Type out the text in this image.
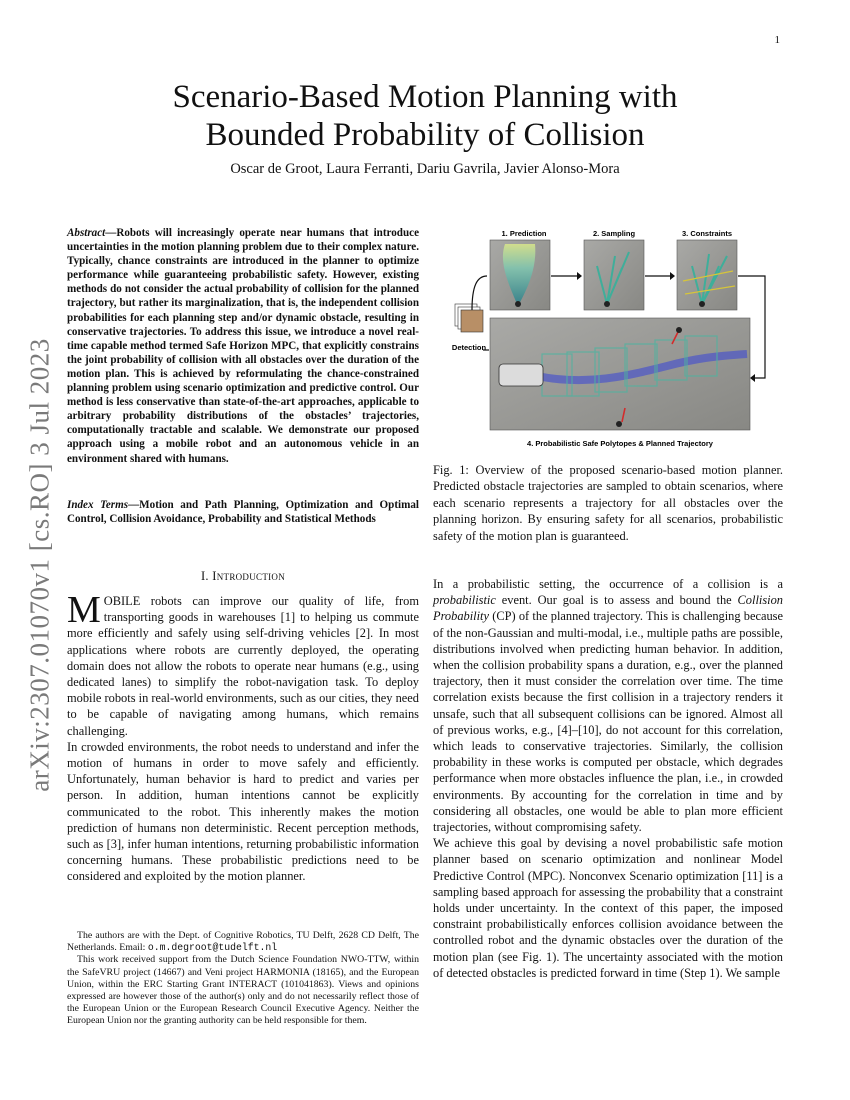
1
arXiv:2307.01070v1 [cs.RO] 3 Jul 2023
Scenario-Based Motion Planning with
Bounded Probability of Collision
Oscar de Groot, Laura Ferranti, Dariu Gavrila, Javier Alonso-Mora
Abstract—Robots will increasingly operate near humans that introduce uncertainties in the motion planning problem due to their complex nature. Typically, chance constraints are introduced in the planner to optimize performance while guaranteeing probabilistic safety. However, existing methods do not consider the actual probability of collision for the planned trajectory, but rather its marginalization, that is, the independent collision probabilities for each planning step and/or dynamic obstacle, resulting in conservative trajectories. To address this issue, we introduce a novel real-time capable method termed Safe Horizon MPC, that explicitly constrains the joint probability of collision with all obstacles over the duration of the motion plan. This is achieved by reformulating the chance-constrained planning problem using scenario optimization and predictive control. Our method is less conservative than state-of-the-art approaches, applicable to arbitrary probability distributions of the obstacles’ trajectories, computationally tractable and scalable. We demonstrate our proposed approach using a mobile robot and an autonomous vehicle in an environment shared with humans.
Index Terms—Motion and Path Planning, Optimization and Optimal Control, Collision Avoidance, Probability and Statistical Methods
I. Introduction

MOBILE robots can improve our quality of life, from transporting goods in warehouses [1] to helping us commute more efficiently and safely using self-driving vehicles [2]. In most applications where robots are currently deployed, the operating domain does not allow the robots to operate near humans (e.g., using dedicated lanes) to simplify the robot-navigation task. To deploy mobile robots in real-world environments, such as our cities, they need to be capable of navigating among humans, which remains challenging.

In crowded environments, the robot needs to understand and infer the motion of humans in order to move safely and efficiently. Unfortunately, human behavior is hard to predict and varies per person. In addition, human intentions cannot be explicitly communicated to the robot. This inherently makes the motion prediction of humans non deterministic. Recent perception methods, such as [3], infer human intentions, returning probabilistic information concerning humans. These probabilistic predictions need to be considered and exploited by the motion planner.

The authors are with the Dept. of Cognitive Robotics, TU Delft, 2628 CD Delft, The Netherlands. Email: o.m.degroot@tudelft.nl

This work received support from the Dutch Science Foundation NWO-TTW, within the SafeVRU project (14667) and Veni project HARMONIA (18165), and the European Union, within the ERC Starting Grant INTERACT (101041863). Views and opinions expressed are however those of the author(s) only and do not necessarily reflect those of the European Union or the European Research Council Executive Agency. Neither the European Union nor the granting authority can be held responsible for them.

1. Prediction	2. Sampling	3. Constraints
Detection
4. Probabilistic Safe Polytopes & Planned Trajectory
Fig. 1: Overview of the proposed scenario-based motion planner. Predicted obstacle trajectories are sampled to obtain scenarios, where each scenario represents a trajectory for all obstacles over the planning horizon. By ensuring safety for all scenarios, probabilistic safety of the motion plan is guaranteed.

In a probabilistic setting, the occurrence of a collision is a probabilistic event. Our goal is to assess and bound the Collision Probability (CP) of the planned trajectory. This is challenging because of the non-Gaussian and multi-modal, i.e., multiple paths are possible, distributions involved when predicting human behavior. In addition, when the collision probability spans a duration, e.g., over the planned trajectory, then it must consider the correlation over time. The time correlation exists because the first collision in a trajectory renders it unsafe, such that all subsequent collisions can be ignored. Almost all of previous works, e.g., [4]–[10], do not account for this correlation, which leads to conservative trajectories. Similarly, the collision probability in these works is computed per obstacle, which degrades performance when more obstacles influence the plan, i.e., in crowded environments. By accounting for the correlation in time and by considering all obstacles, one would be able to plan more efficient trajectories, without compromising safety.

We achieve this goal by devising a novel probabilistic safe motion planner based on scenario optimization and nonlinear Model Predictive Control (MPC). Nonconvex Scenario optimization [11] is a sampling based approach for assessing the probability that a constraint holds under uncertainty. In the context of this paper, the imposed constraint probabilistically enforces collision avoidance between the controlled robot and the dynamic obstacles over the duration of the motion plan (see Fig. 1). The uncertainty associated with the motion of detected obstacles is predicted forward in time (Step 1). We sample
